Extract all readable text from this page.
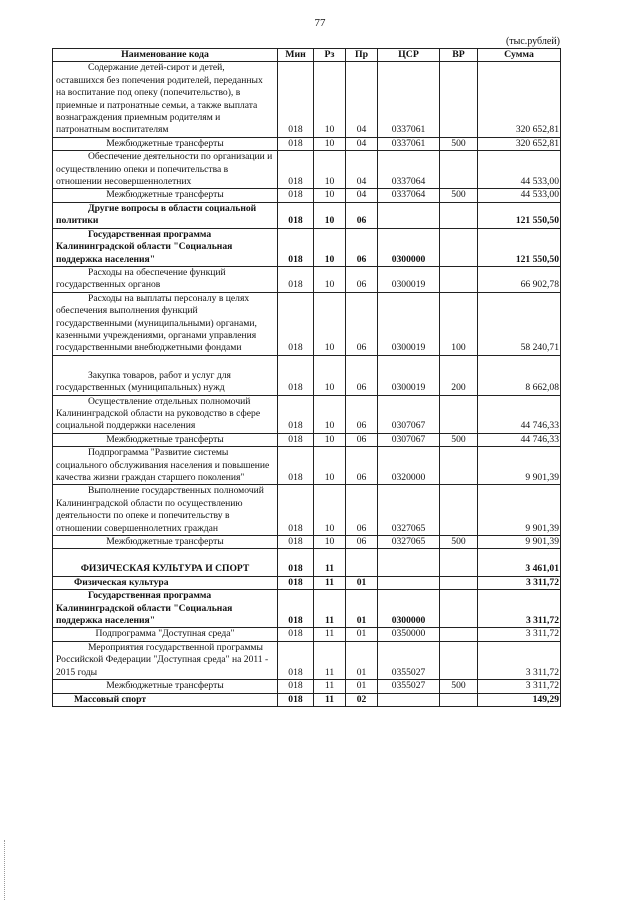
77
(тыс.рублей)
Наименование кода	Мин	Рз	Пр	ЦСР	ВР	Сумма
Содержание детей-сирот и детей, оставшихся без попечения родителей, переданных на воспитание под опеку (попечительство), в приемные и патронатные семьи, а также выплата вознаграждения приемным родителям и патронатным воспитателям	018	10	04	0337061		320 652,81
Межбюджетные трансферты	018	10	04	0337061	500	320 652,81
Обеспечение деятельности по организации и осуществлению опеки и попечительства в отношении несовершеннолетних	018	10	04	0337064		44 533,00
Межбюджетные трансферты	018	10	04	0337064	500	44 533,00
Другие вопросы в области социальной политики	018	10	06			121 550,50
Государственная программа Калининградской области "Социальная поддержка населения"	018	10	06	0300000		121 550,50
Расходы на обеспечение функций государственных органов	018	10	06	0300019		66 902,78
Расходы на выплаты персоналу в целях обеспечения выполнения функций государственными (муниципальными) органами, казенными учреждениями, органами управления государственными внебюджетными фондами	018	10	06	0300019	100	58 240,71
Закупка товаров, работ и услуг для государственных (муниципальных) нужд	018	10	06	0300019	200	8 662,08
Осуществление отдельных полномочий Калининградской области на руководство в сфере социальной поддержки населения	018	10	06	0307067		44 746,33
Межбюджетные трансферты	018	10	06	0307067	500	44 746,33
Подпрограмма "Развитие системы социального обслуживания населения и повышение качества жизни граждан старшего поколения"	018	10	06	0320000		9 901,39
Выполнение государственных полномочий Калининградской области по осуществлению деятельности по опеке и попечительству в отношении совершеннолетних граждан	018	10	06	0327065		9 901,39
Межбюджетные трансферты	018	10	06	0327065	500	9 901,39
ФИЗИЧЕСКАЯ КУЛЬТУРА И СПОРТ	018	11				3 461,01
Физическая культура	018	11	01			3 311,72
Государственная программа Калининградской области "Социальная поддержка населения"	018	11	01	0300000		3 311,72
Подпрограмма "Доступная среда"	018	11	01	0350000		3 311,72
Мероприятия государственной программы Российской Федерации "Доступная среда" на 2011 - 2015 годы	018	11	01	0355027		3 311,72
Межбюджетные трансферты	018	11	01	0355027	500	3 311,72
Массовый спорт	018	11	02			149,29
